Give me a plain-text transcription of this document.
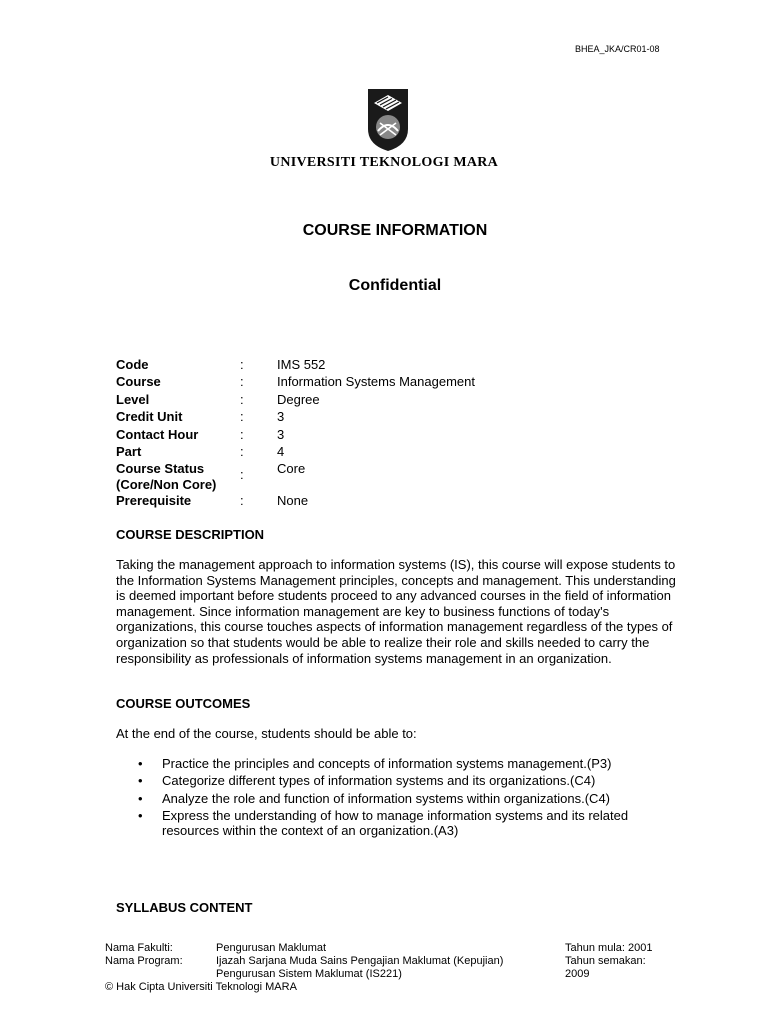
BHEA_JKA/CR01-08
UNIVERSITI TEKNOLOGI MARA
COURSE INFORMATION
Confidential
Code	:	IMS 552
Course	:	Information Systems Management
Level	:	Degree
Credit Unit	:	3
Contact Hour	:	3
Part	:	4
Course Status
(Core/Non Core)
:	Core
Prerequisite	:	None
COURSE DESCRIPTION
Taking the management approach to information systems (IS), this course will expose students to the Information Systems Management principles, concepts and management. This understanding is deemed important before students proceed to any advanced courses in the field of information management. Since information management are key to business functions of today's organizations, this course touches aspects of information management regardless of the types of organization so that students would be able to realize their role and skills needed to carry the responsibility as professionals of information systems management in an organization.
COURSE OUTCOMES
At the end of the course, students should be able to:
• Practice the principles and concepts of information systems management.(P3)
• Categorize different types of information systems and its organizations.(C4)
• Analyze the role and function of information systems within organizations.(C4)
• Express the understanding of how to manage information systems and its related resources within the context of an organization.(A3)
SYLLABUS CONTENT
Nama Fakulti:	Pengurusan Maklumat	Tahun mula: 2001
Nama Program:	Ijazah Sarjana Muda Sains Pengajian Maklumat (Kepujian)	Tahun semakan:
Pengurusan Sistem Maklumat (IS221)	2009
© Hak Cipta Universiti Teknologi MARA
